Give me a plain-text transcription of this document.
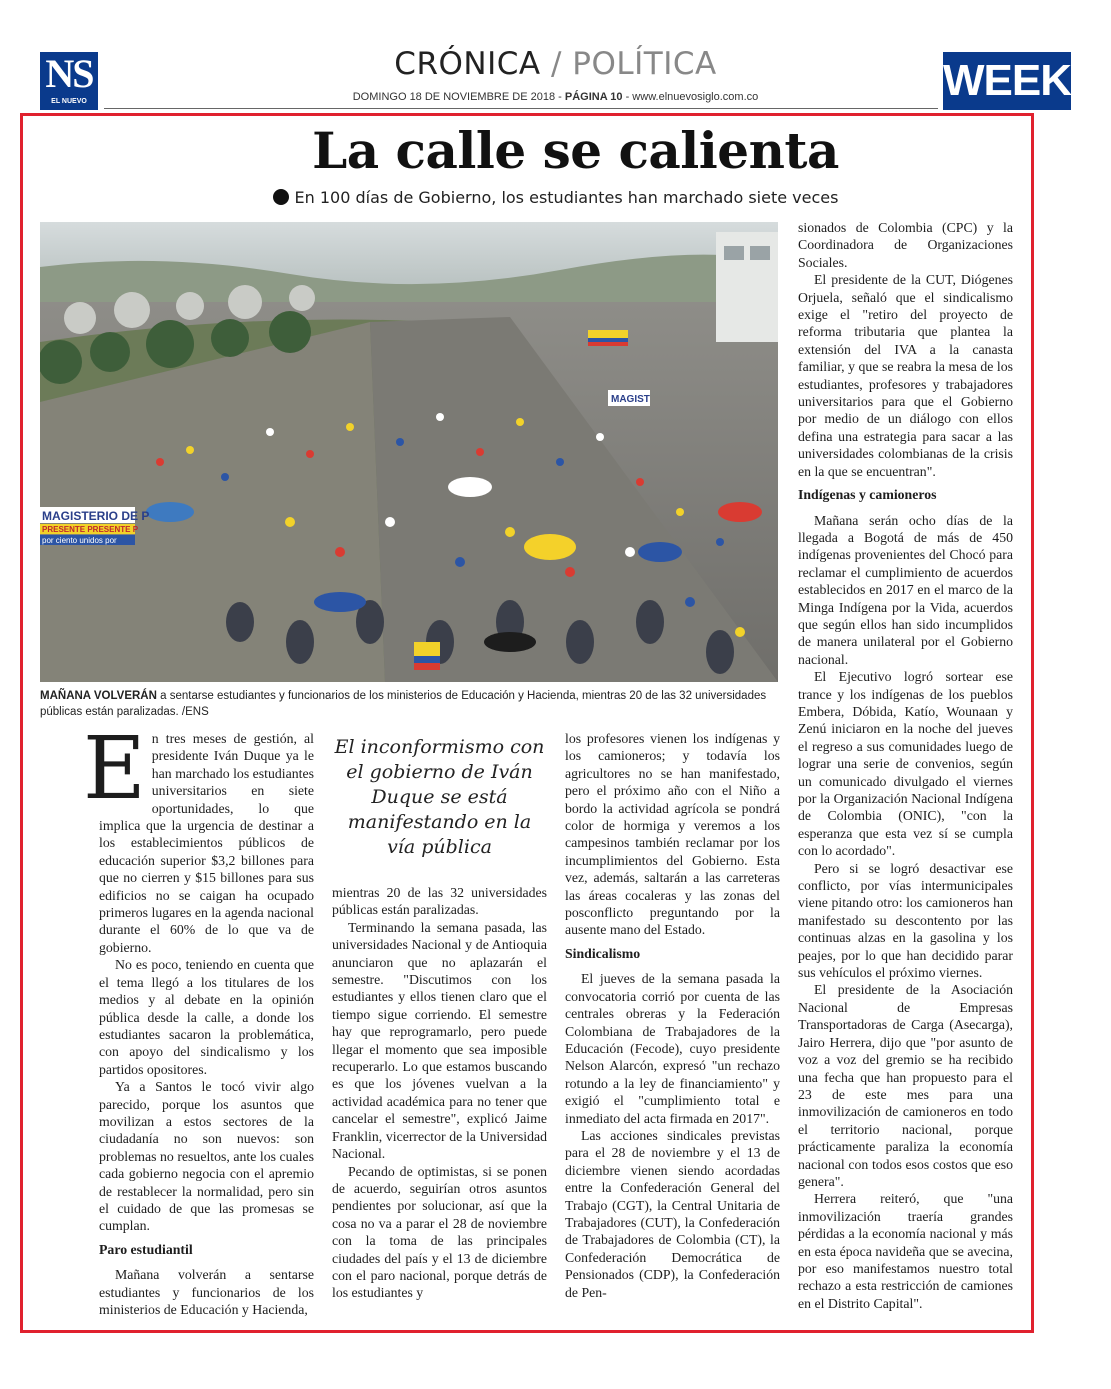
NS
EL NUEVO SIGLO
CRÓNICA / POLÍTICA
DOMINGO 18 DE NOVIEMBRE DE 2018 - PÁGINA 10 - www.elnuevosiglo.com.co	WEEK
La calle se calienta
En 100 días de Gobierno, los estudiantes han marchado siete veces
MAGISTERIO DE P
PRESENTE PRESENTE P
por ciento unidos por
MAGIST
MAÑANA VOLVERÁN a sentarse estudiantes y funcionarios de los ministerios de Educación y Hacienda, mientras 20 de las 32 universidades públicas están paralizadas. /ENS

En tres meses de gestión, al presidente Iván Duque ya le han marchado los estudiantes universitarios en siete oportunidades, lo que implica que la urgencia de destinar a los establecimientos públicos de educación superior $3,2 billones para que no cierren y $15 billones para sus edificios no se caigan ha ocupado primeros lugares en la agenda nacional durante el 60% de lo que va de gobierno.

No es poco, teniendo en cuenta que el tema llegó a los titulares de los medios y al debate en la opinión pública desde la calle, a donde los estudiantes sacaron la problemática, con apoyo del sindicalismo y los partidos opositores.

Ya a Santos le tocó vivir algo parecido, porque los asuntos que movilizan a estos sectores de la ciudadanía no son nuevos: son problemas no resueltos, ante los cuales cada gobierno negocia con el apremio de restablecer la normalidad, pero sin el cuidado de que las promesas se cumplan.

Paro estudiantil

Mañana volverán a sentarse estudiantes y funcionarios de los ministerios de Educación y Hacienda,

El inconformismo con el gobierno de Iván Duque se está manifestando en la vía pública

mientras 20 de las 32 universidades públicas están paralizadas.

Terminando la semana pasada, las universidades Nacional y de Antioquia anunciaron que no aplazarán el semestre. "Discutimos con los estudiantes y ellos tienen claro que el tiempo sigue corriendo. El semestre hay que reprogramarlo, pero puede llegar el momento que sea imposible recuperarlo. Lo que estamos buscando es que los jóvenes vuelvan a la actividad académica para no tener que cancelar el semestre", explicó Jaime Franklin, vicerrector de la Universidad Nacional.

Pecando de optimistas, si se ponen de acuerdo, seguirían otros asuntos pendientes por solucionar, así que la cosa no va a parar el 28 de noviembre con la toma de las principales ciudades del país y el 13 de diciembre con el paro nacional, porque detrás de los estudiantes y

los profesores vienen los indígenas y los camioneros; y todavía los agricultores no se han manifestado, pero el próximo año con el Niño a bordo la actividad agrícola se pondrá color de hormiga y veremos a los campesinos también reclamar por los incumplimientos del Gobierno. Esta vez, además, saltarán a las carreteras las áreas cocaleras y las zonas del posconflicto preguntando por la ausente mano del Estado.

Sindicalismo

El jueves de la semana pasada la convocatoria corrió por cuenta de las centrales obreras y la Federación Colombiana de Trabajadores de la Educación (Fecode), cuyo presidente Nelson Alarcón, expresó "un rechazo rotundo a la ley de financiamiento" y exigió el "cumplimiento total e inmediato del acta firmada en 2017".

Las acciones sindicales previstas para el 28 de noviembre y el 13 de diciembre vienen siendo acordadas entre la Confederación General del Trabajo (CGT), la Central Unitaria de Trabajadores (CUT), la Confederación de Trabajadores de Colombia (CT), la Confederación Democrática de Pensionados (CDP), la Confederación de Pen-

sionados de Colombia (CPC) y la Coordinadora de Organizaciones Sociales.

El presidente de la CUT, Diógenes Orjuela, señaló que el sindicalismo exige el "retiro del proyecto de reforma tributaria que plantea la extensión del IVA a la canasta familiar, y que se reabra la mesa de los estudiantes, profesores y trabajadores universitarios para que el Gobierno por medio de un diálogo con ellos defina una estrategia para sacar a las universidades colombianas de la crisis en la que se encuentran".

Indígenas y camioneros

Mañana serán ocho días de la llegada a Bogotá de más de 450 indígenas provenientes del Chocó para reclamar el cumplimiento de acuerdos establecidos en 2017 en el marco de la Minga Indígena por la Vida, acuerdos que según ellos han sido incumplidos de manera unilateral por el Gobierno nacional.

El Ejecutivo logró sortear ese trance y los indígenas de los pueblos Embera, Dóbida, Katío, Wounaan y Zenú iniciaron en la noche del jueves el regreso a sus comunidades luego de lograr una serie de convenios, según un comunicado divulgado el viernes por la Organización Nacional Indígena de Colombia (ONIC), "con la esperanza que esta vez sí se cumpla con lo acordado".

Pero si se logró desactivar ese conflicto, por vías intermunicipales viene pitando otro: los camioneros han manifestado su descontento por las continuas alzas en la gasolina y los peajes, por lo que han decidido parar sus vehículos el próximo viernes.

El presidente de la Asociación Nacional de Empresas Transportadoras de Carga (Asecarga), Jairo Herrera, dijo que "por asunto de voz a voz del gremio se ha recibido una fecha que han propuesto para el 23 de este mes para una inmovilización de camioneros en todo el territorio nacional, porque prácticamente paraliza la economía nacional con todos esos costos que eso genera".

Herrera reiteró, que "una inmovilización traería grandes pérdidas a la economía nacional y más en esta época navideña que se avecina, por eso manifestamos nuestro total rechazo a esta restricción de camiones en el Distrito Capital".
